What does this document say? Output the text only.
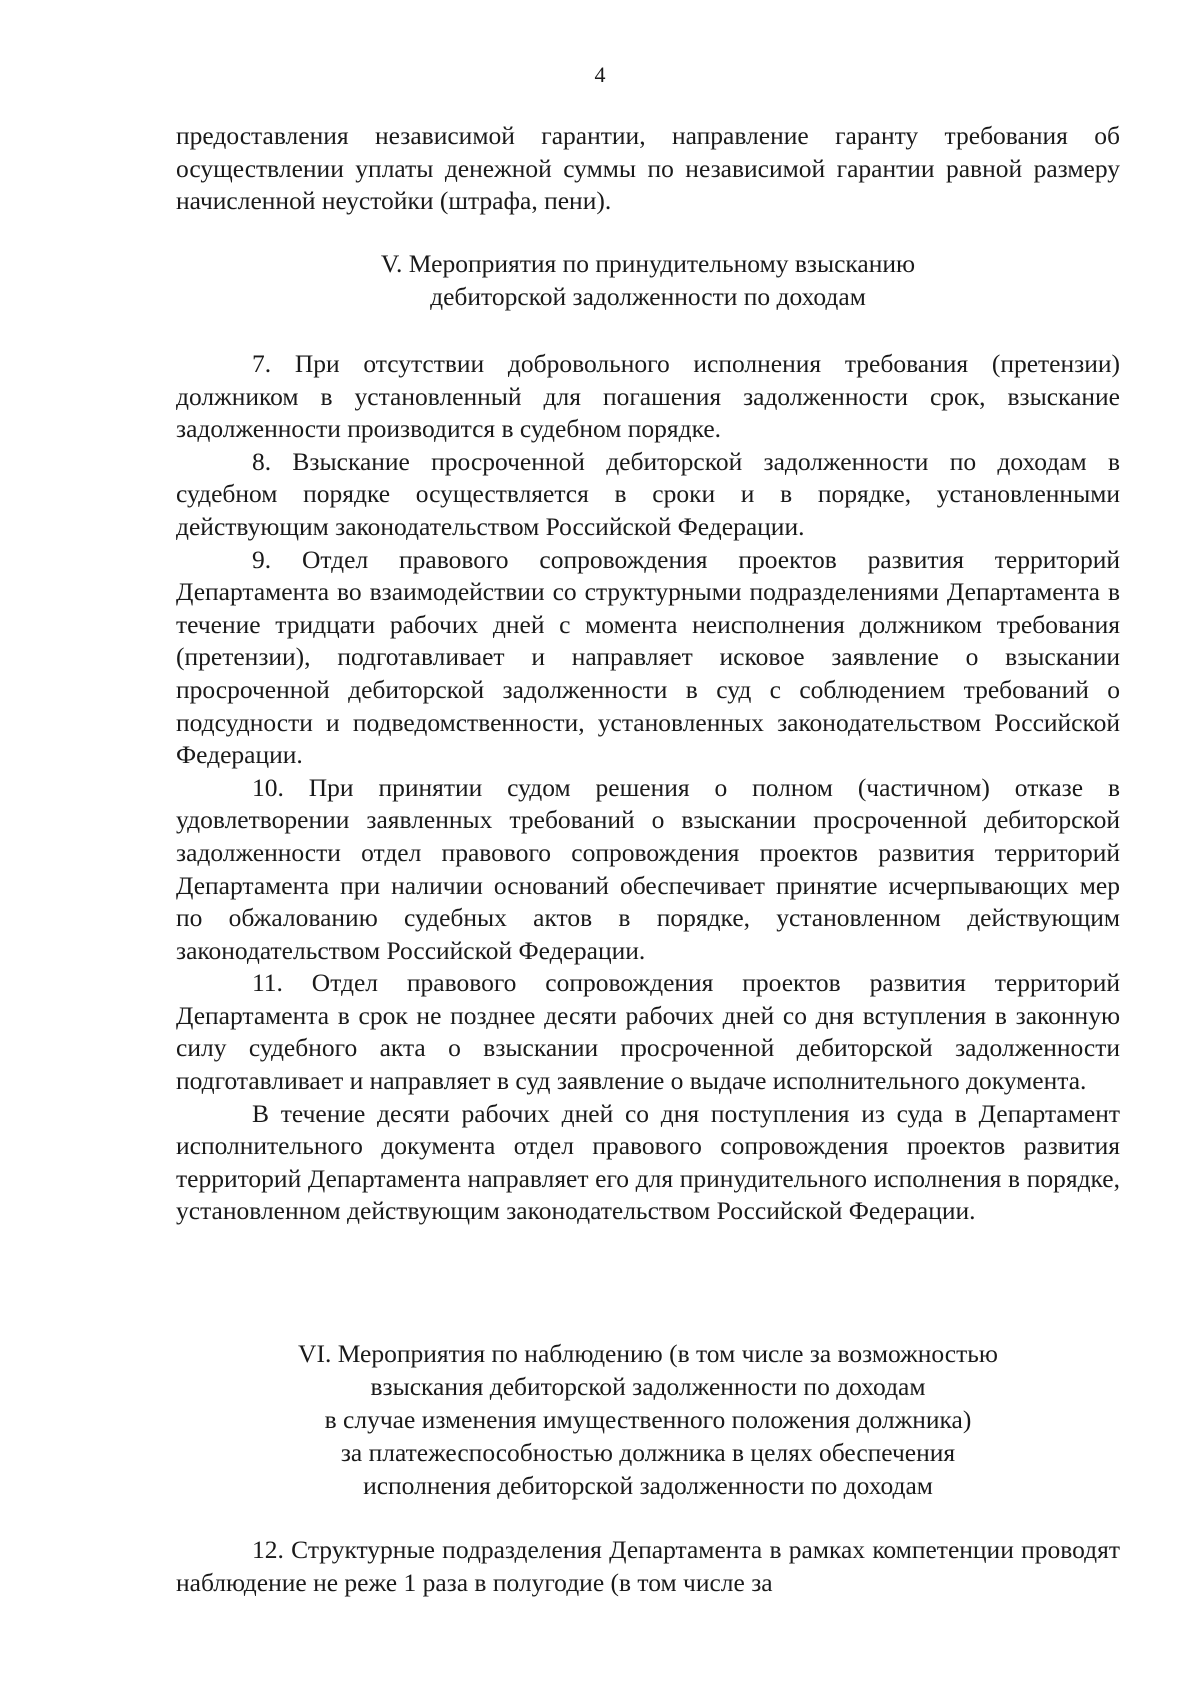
4

предоставления независимой гарантии, направление гаранту требования об осуществлении уплаты денежной суммы по независимой гарантии равной размеру начисленной неустойки (штрафа, пени).

V. Мероприятия по принудительному взысканию
дебиторской задолженности по доходам

7. При отсутствии добровольного исполнения требования (претензии) должником в установленный для погашения задолженности срок, взыскание задолженности производится в судебном порядке.

8. Взыскание просроченной дебиторской задолженности по доходам в судебном порядке осуществляется в сроки и в порядке, установленными действующим законодательством Российской Федерации.

9. Отдел правового сопровождения проектов развития территорий Департамента во взаимодействии со структурными подразделениями Департамента в течение тридцати рабочих дней с момента неисполнения должником требования (претензии), подготавливает и направляет исковое заявление о взыскании просроченной дебиторской задолженности в суд с соблюдением требований о подсудности и подведомственности, установленных законодательством Российской Федерации.

10. При принятии судом решения о полном (частичном) отказе в удовлетворении заявленных требований о взыскании просроченной дебиторской задолженности отдел правового сопровождения проектов развития территорий Департамента при наличии оснований обеспечивает принятие исчерпывающих мер по обжалованию судебных актов в порядке, установленном действующим законодательством Российской Федерации.

11. Отдел правового сопровождения проектов развития территорий Департамента в срок не позднее десяти рабочих дней со дня вступления в законную силу судебного акта о взыскании просроченной дебиторской задолженности подготавливает и направляет в суд заявление о выдаче исполнительного документа.

В течение десяти рабочих дней со дня поступления из суда в Департамент исполнительного документа отдел правового сопровождения проектов развития территорий Департамента направляет его для принудительного исполнения в порядке, установленном действующим законодательством Российской Федерации.

VI. Мероприятия по наблюдению (в том числе за возможностью
взыскания дебиторской задолженности по доходам
в случае изменения имущественного положения должника)
за платежеспособностью должника в целях обеспечения
исполнения дебиторской задолженности по доходам

12. Структурные подразделения Департамента в рамках компетенции проводят наблюдение не реже 1 раза в полугодие (в том числе за
